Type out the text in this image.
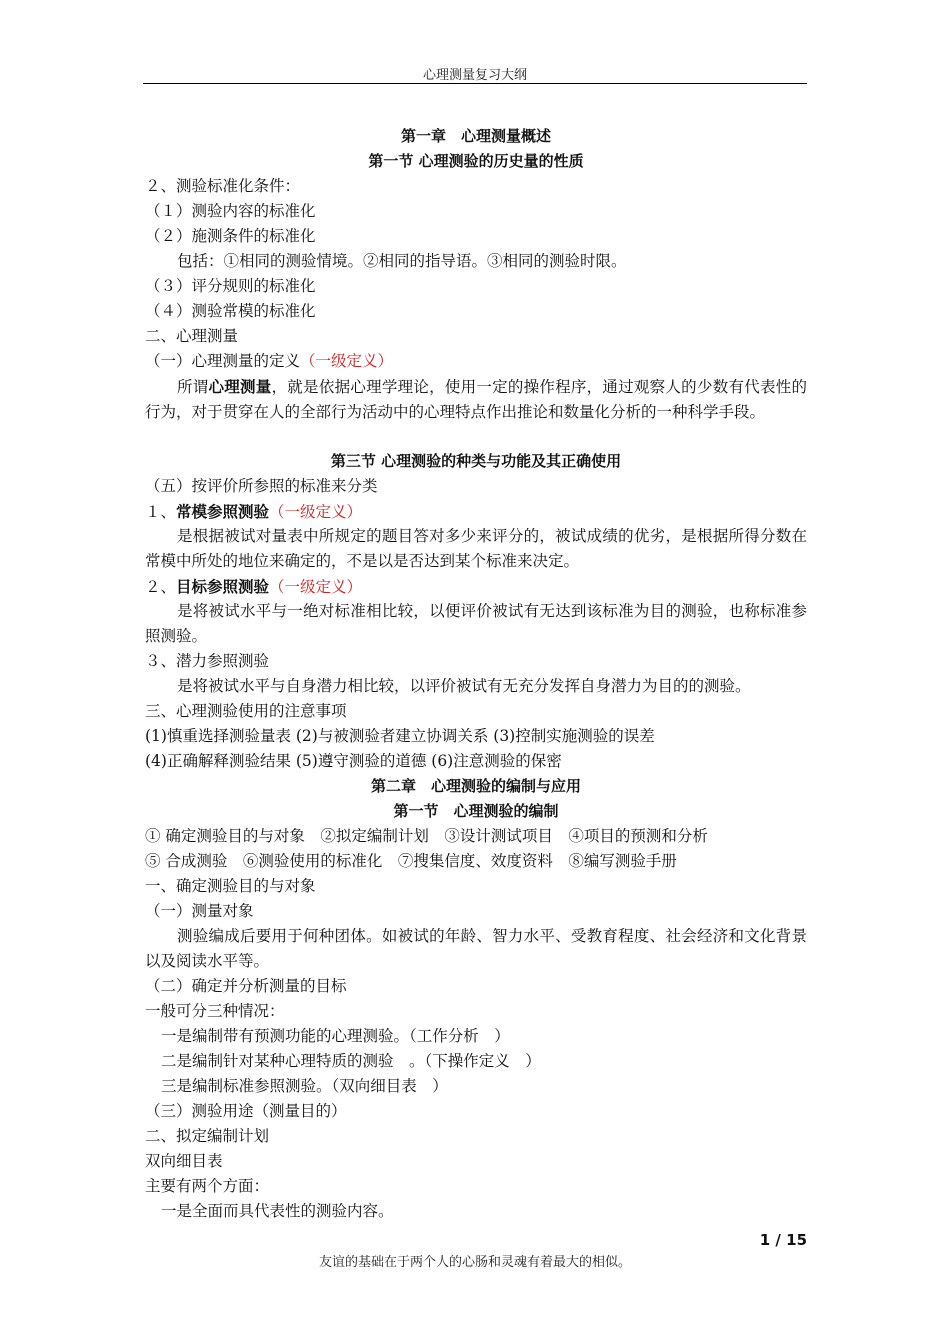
心理测量复习大纲
第一章　心理测量概述
第一节 心理测验的历史量的性质
２、测验标准化条件：
（１）测验内容的标准化
（２）施测条件的标准化
包括：①相同的测验情境。②相同的指导语。③相同的测验时限。
（３）评分规则的标准化
（４）测验常模的标准化
二、心理测量
（一）心理测量的定义（一级定义）
所谓心理测量，就是依据心理学理论，使用一定的操作程序，通过观察人的少数有代表性的行为，对于贯穿在人的全部行为活动中的心理特点作出推论和数量化分析的一种科学手段。
第三节 心理测验的种类与功能及其正确使用
（五）按评价所参照的标准来分类
１、常模参照测验（一级定义）
是根据被试对量表中所规定的题目答对多少来评分的，被试成绩的优劣，是根据所得分数在常模中所处的地位来确定的，不是以是否达到某个标准来决定。
２、目标参照测验（一级定义）
是将被试水平与一绝对标准相比较，以便评价被试有无达到该标准为目的测验，也称标准参照测验。
３、潜力参照测验
是将被试水平与自身潜力相比较，以评价被试有无充分发挥自身潜力为目的的测验。
三、心理测验使用的注意事项
(1)慎重选择测验量表 (2)与被测验者建立协调关系 (3)控制实施测验的误差
(4)正确解释测验结果 (5)遵守测验的道德 (6)注意测验的保密
第二章　心理测验的编制与应用
第一节　心理测验的编制
① 确定测验目的与对象　②拟定编制计划　③设计测试项目　④项目的预测和分析
⑤ 合成测验　⑥测验使用的标准化　⑦搜集信度、效度资料　⑧编写测验手册
一、确定测验目的与对象
（一）测量对象
测验编成后要用于何种团体。如被试的年龄、智力水平、受教育程度、社会经济和文化背景以及阅读水平等。
（二）确定并分析测量的目标
一般可分三种情况：
一是编制带有预测功能的心理测验。（工作分析　）
二是编制针对某种心理特质的测验　。（下操作定义　）
三是编制标准参照测验。（双向细目表　）
（三）测验用途（测量目的）
二、拟定编制计划
双向细目表
主要有两个方面：
一是全面而具代表性的测验内容。
1 / 15
友谊的基础在于两个人的心肠和灵魂有着最大的相似。
